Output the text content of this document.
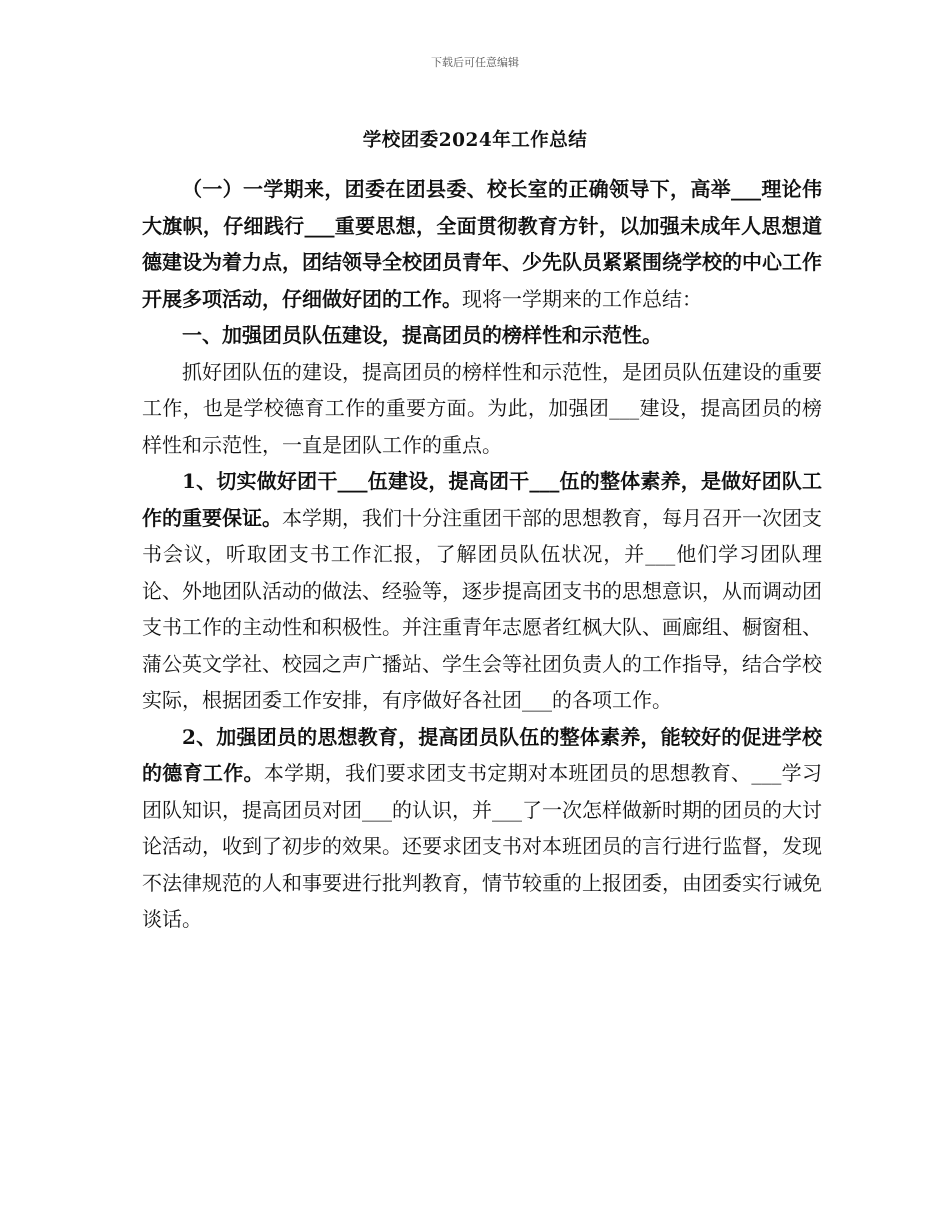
下载后可任意编辑
学校团委2024年工作总结

（一）一学期来，团委在团县委、校长室的正确领导下，高举___理论伟大旗帜，仔细践行___重要思想，全面贯彻教育方针，以加强未成年人思想道德建设为着力点，团结领导全校团员青年、少先队员紧紧围绕学校的中心工作开展多项活动，仔细做好团的工作。现将一学期来的工作总结：

一、加强团员队伍建设，提高团员的榜样性和示范性。

抓好团队伍的建设，提高团员的榜样性和示范性，是团员队伍建设的重要工作，也是学校德育工作的重要方面。为此，加强团___建设，提高团员的榜样性和示范性，一直是团队工作的重点。

1、切实做好团干___伍建设，提高团干___伍的整体素养，是做好团队工作的重要保证。本学期，我们十分注重团干部的思想教育，每月召开一次团支书会议，听取团支书工作汇报，了解团员队伍状况，并___他们学习团队理论、外地团队活动的做法、经验等，逐步提高团支书的思想意识，从而调动团支书工作的主动性和积极性。并注重青年志愿者红枫大队、画廊组、橱窗租、蒲公英文学社、校园之声广播站、学生会等社团负责人的工作指导，结合学校实际，根据团委工作安排，有序做好各社团___的各项工作。

2、加强团员的思想教育，提高团员队伍的整体素养，能较好的促进学校的德育工作。本学期，我们要求团支书定期对本班团员的思想教育、___学习团队知识，提高团员对团___的认识，并___了一次怎样做新时期的团员的大讨论活动，收到了初步的效果。还要求团支书对本班团员的言行进行监督，发现不法律规范的人和事要进行批判教育，情节较重的上报团委，由团委实行诫免谈话。
